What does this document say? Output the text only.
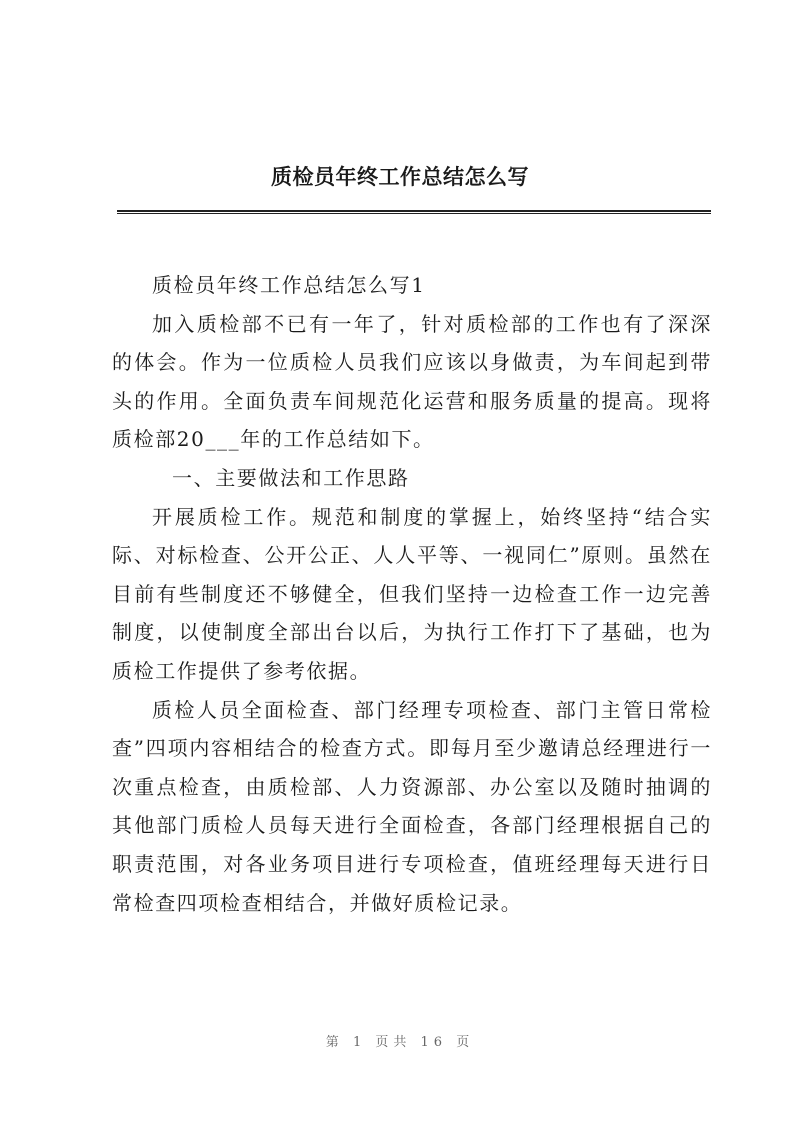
质检员年终工作总结怎么写

质检员年终工作总结怎么写1

加入质检部不已有一年了，针对质检部的工作也有了深深的体会。作为一位质检人员我们应该以身做责，为车间起到带头的作用。全面负责车间规范化运营和服务质量的提高。现将质检部20___年的工作总结如下。

一、主要做法和工作思路

开展质检工作。规范和制度的掌握上，始终坚持“结合实际、对标检查、公开公正、人人平等、一视同仁”原则。虽然在目前有些制度还不够健全，但我们坚持一边检查工作一边完善制度，以使制度全部出台以后，为执行工作打下了基础，也为质检工作提供了参考依据。

质检人员全面检查、部门经理专项检查、部门主管日常检查”四项内容相结合的检查方式。即每月至少邀请总经理进行一次重点检查，由质检部、人力资源部、办公室以及随时抽调的其他部门质检人员每天进行全面检查，各部门经理根据自己的职责范围，对各业务项目进行专项检查，值班经理每天进行日常检查四项检查相结合，并做好质检记录。

第 1 页共 16 页
